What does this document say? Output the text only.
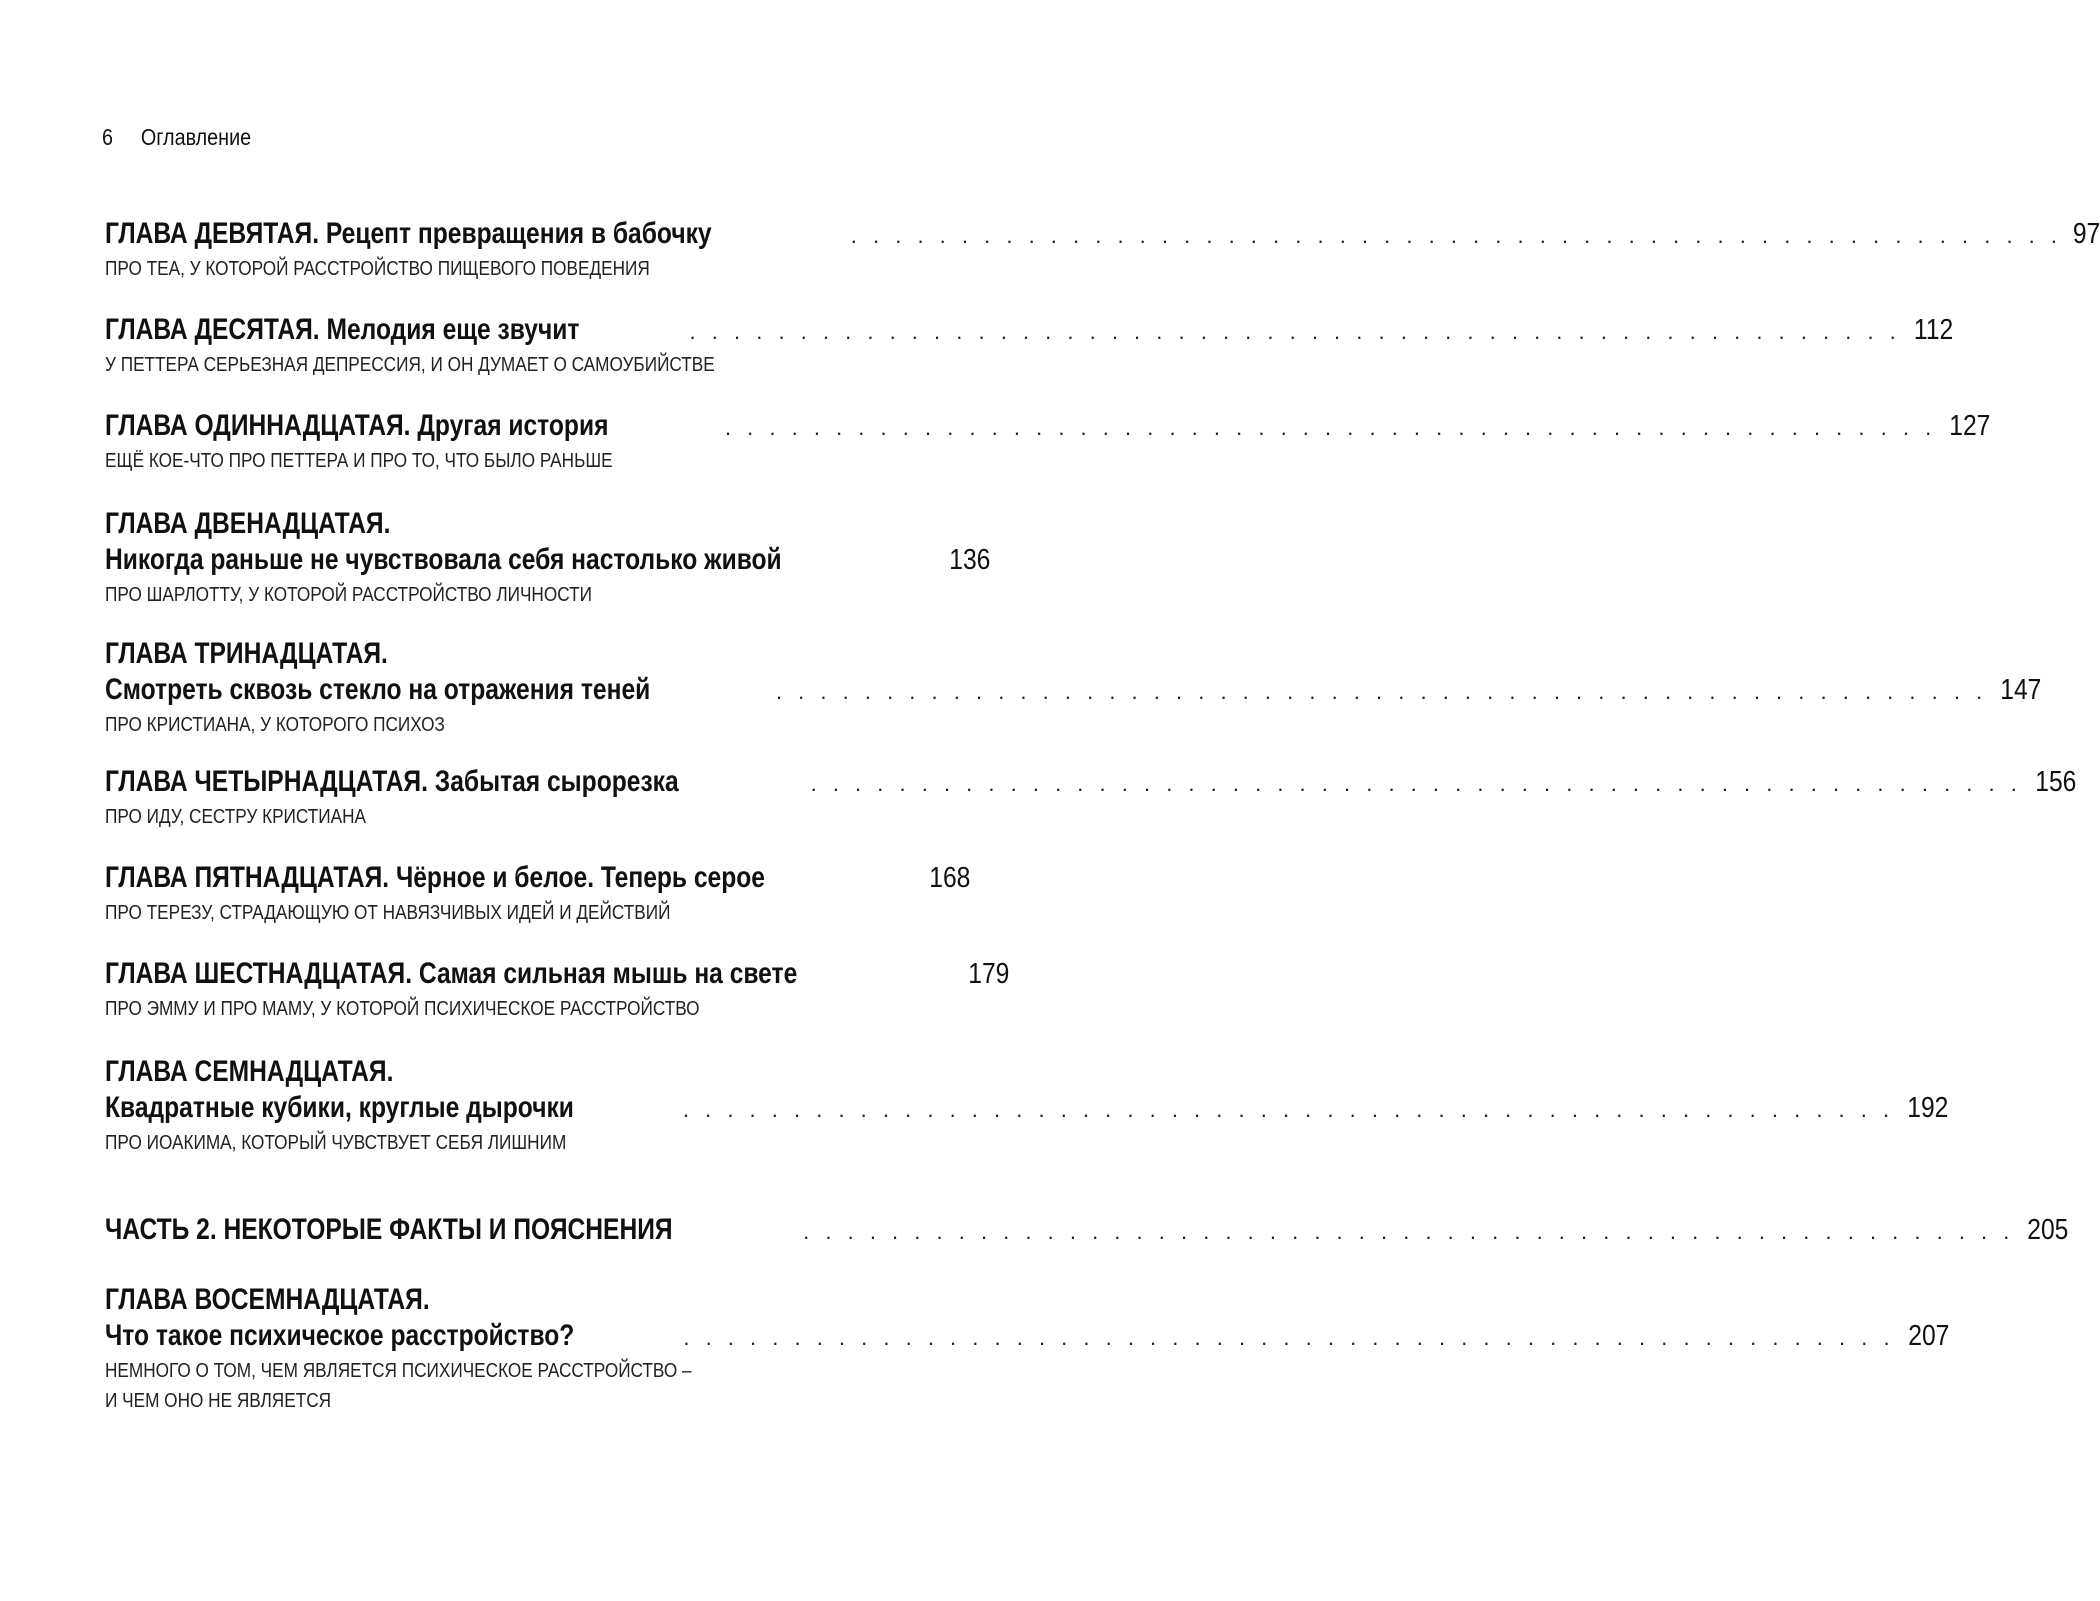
6 Оглавление
ГЛАВА ДЕВЯТАЯ. Рецепт превращения в бабочку	. . . . . . . . . . . . . . . . . . . . . . . . . . . . . . . . . . . . . . . . . . . . . . . . . . . . . . . 97
ПРО ТЕА, У КОТОРОЙ РАССТРОЙСТВО ПИЩЕВОГО ПОВЕДЕНИЯ
ГЛАВА ДЕСЯТАЯ. Мелодия еще звучит	. . . . . . . . . . . . . . . . . . . . . . . . . . . . . . . . . . . . . . . . . . . . . . . . . . . . . . . 112
У ПЕТТЕРА СЕРЬЕЗНАЯ ДЕПРЕССИЯ, И ОН ДУМАЕТ О САМОУБИЙСТВЕ
ГЛАВА ОДИННАДЦАТАЯ. Другая история	. . . . . . . . . . . . . . . . . . . . . . . . . . . . . . . . . . . . . . . . . . . . . . . . . . . . . . . 127
ЕЩЁ КОЕ-ЧТО ПРО ПЕТТЕРА И ПРО ТО, ЧТО БЫЛО РАНЬШЕ
ГЛАВА ДВЕНАДЦАТАЯ.
Никогда раньше не чувствовала себя настолько живой	136
ПРО ШАРЛОТТУ, У КОТОРОЙ РАССТРОЙСТВО ЛИЧНОСТИ
ГЛАВА ТРИНАДЦАТАЯ.
Смотреть сквозь стекло на отражения теней	. . . . . . . . . . . . . . . . . . . . . . . . . . . . . . . . . . . . . . . . . . . . . . . . . . . . . . . 147
ПРО КРИСТИАНА, У КОТОРОГО ПСИХОЗ
ГЛАВА ЧЕТЫРНАДЦАТАЯ. Забытая сырорезка	. . . . . . . . . . . . . . . . . . . . . . . . . . . . . . . . . . . . . . . . . . . . . . . . . . . . . . . 156
ПРО ИДУ, СЕСТРУ КРИСТИАНА
ГЛАВА ПЯТНАДЦАТАЯ. Чёрное и белое. Теперь серое	168
ПРО ТЕРЕЗУ, СТРАДАЮЩУЮ ОТ НАВЯЗЧИВЫХ ИДЕЙ И ДЕЙСТВИЙ
ГЛАВА ШЕСТНАДЦАТАЯ. Самая сильная мышь на свете	179
ПРО ЭММУ И ПРО МАМУ, У КОТОРОЙ ПСИХИЧЕСКОЕ РАССТРОЙСТВО
ГЛАВА СЕМНАДЦАТАЯ.
Квадратные кубики, круглые дырочки	. . . . . . . . . . . . . . . . . . . . . . . . . . . . . . . . . . . . . . . . . . . . . . . . . . . . . . . 192
ПРО ИОАКИМА, КОТОРЫЙ ЧУВСТВУЕТ СЕБЯ ЛИШНИМ
ЧАСТЬ 2. НЕКОТОРЫЕ ФАКТЫ И ПОЯСНЕНИЯ	. . . . . . . . . . . . . . . . . . . . . . . . . . . . . . . . . . . . . . . . . . . . . . . . . . . . . . . 205
ГЛАВА ВОСЕМНАДЦАТАЯ.
Что такое психическое расстройство?	. . . . . . . . . . . . . . . . . . . . . . . . . . . . . . . . . . . . . . . . . . . . . . . . . . . . . . . 207
НЕМНОГО О ТОМ, ЧЕМ ЯВЛЯЕТСЯ ПСИХИЧЕСКОЕ РАССТРОЙСТВО –
И ЧЕМ ОНО НЕ ЯВЛЯЕТСЯ
